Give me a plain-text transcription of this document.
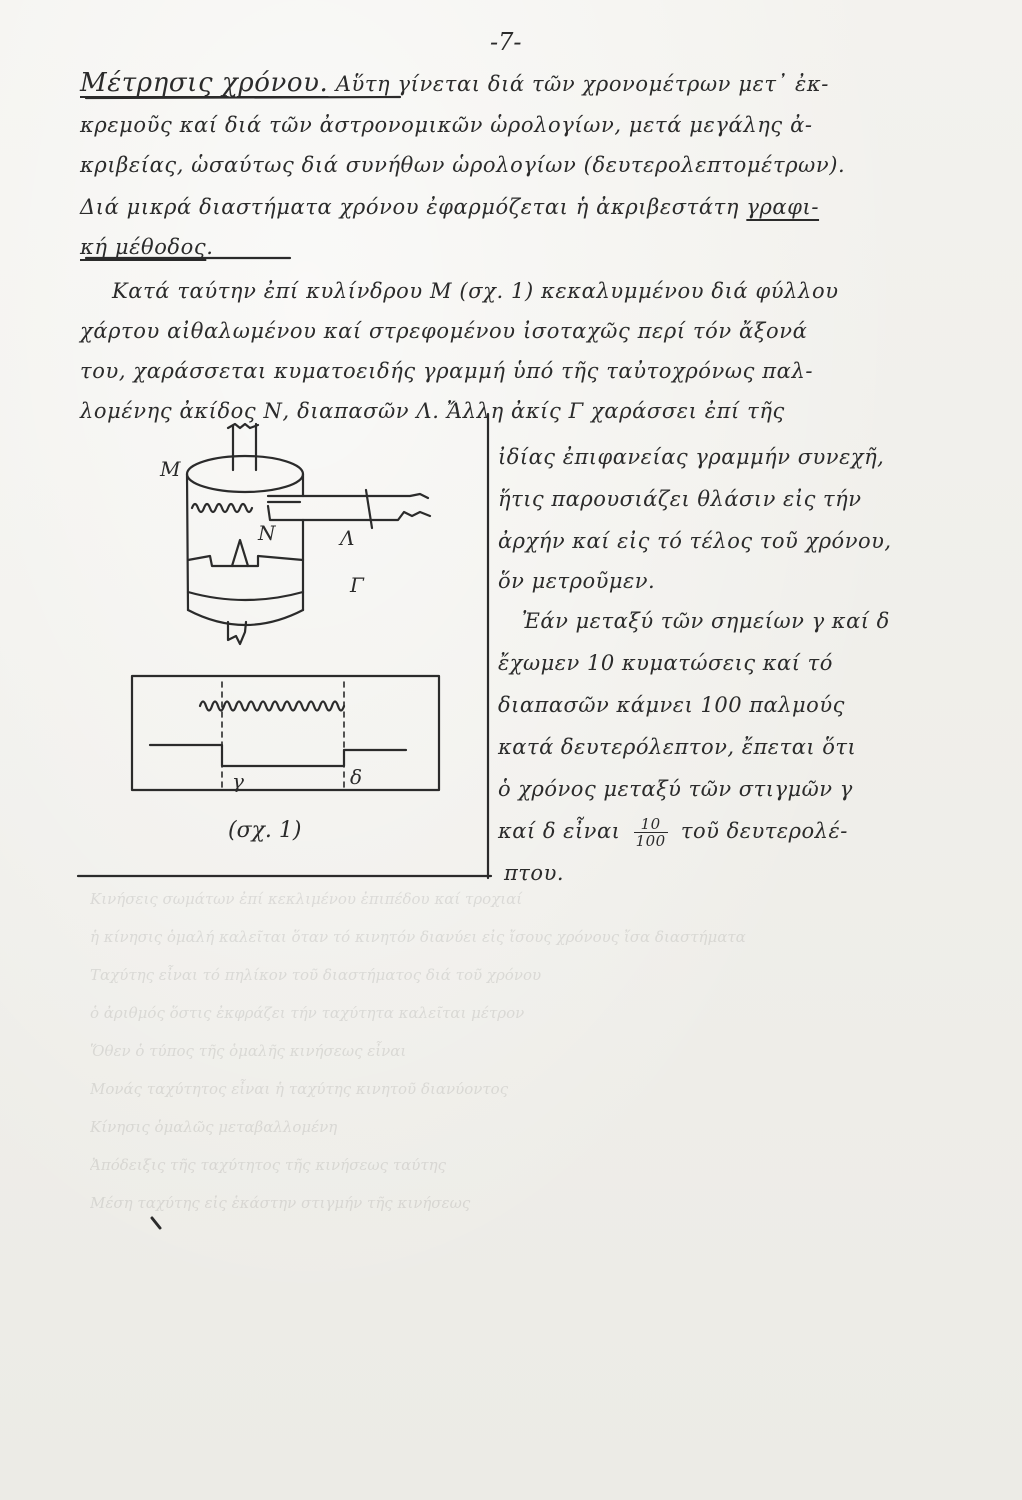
Κινήσεις σωμάτων ἐπί κεκλιμένου ἐπιπέδου καί τροχιαί
ἡ κίνησις ὁμαλή καλεῖται ὅταν τό κινητόν διανύει εἰς ἴσους χρόνους ἴσα διαστήματα
Ταχύτης εἶναι τό πηλίκον τοῦ διαστήματος διά τοῦ χρόνου
ὁ ἀριθμός ὅστις ἐκφράζει τήν ταχύτητα καλεῖται μέτρον
Ὅθεν ὁ τύπος τῆς ὁμαλῆς κινήσεως εἶναι
Μονάς ταχύτητος εἶναι ἡ ταχύτης κινητοῦ διανύοντος
Κίνησις ὁμαλῶς μεταβαλλομένη
Ἀπόδειξις τῆς ταχύτητος τῆς κινήσεως ταύτης
Μέση ταχύτης εἰς ἑκάστην στιγμήν τῆς κινήσεως
-7-
Μέτρησις χρόνου. Αὕτη γίνεται διά τῶν χρονομέτρων μετ᾽ ἐκ-
κρεμοῦς καί διά τῶν ἀστρονομικῶν ὡρολογίων, μετά μεγάλης ἀ-
κριβείας, ὡσαύτως διά συνήθων ὡρολογίων (δευτερολεπτομέτρων).
Διά μικρά διαστήματα χρόνου ἐφαρμόζεται ἡ ἀκριβεστάτη γραφι-
κή μέθοδος.
Κατά ταύτην ἐπί κυλίνδρου Μ (σχ. 1) κεκαλυμμένου διά φύλλου
χάρτου αἰθαλωμένου καί στρεφομένου ἰσοταχῶς περί τόν ἄξονά
του, χαράσσεται κυματοειδής γραμμή ὑπό τῆς ταὐτοχρόνως παλ-
λομένης ἀκίδος Ν, διαπασῶν Λ. Ἄλλη ἀκίς Γ χαράσσει ἐπί τῆς
ἰδίας ἐπιφανείας γραμμήν συνεχῆ,
ἥτις παρουσιάζει θλάσιν εἰς τήν
ἀρχήν καί εἰς τό τέλος τοῦ χρόνου,
ὅν μετροῦμεν.
Ἐάν μεταξύ τῶν σημείων γ καί δ
ἔχωμεν 10 κυματώσεις καί τό
διαπασῶν κάμνει 100 παλμούς
κατά δευτερόλεπτον, ἔπεται ὅτι
ὁ χρόνος μεταξύ τῶν στιγμῶν γ
καί δ εἶναι $\frac{10}{100}$ τοῦ δευτερολέ-
πτου.
Μ
Ν	Λ
Γ
γ	δ
(σχ. 1)
